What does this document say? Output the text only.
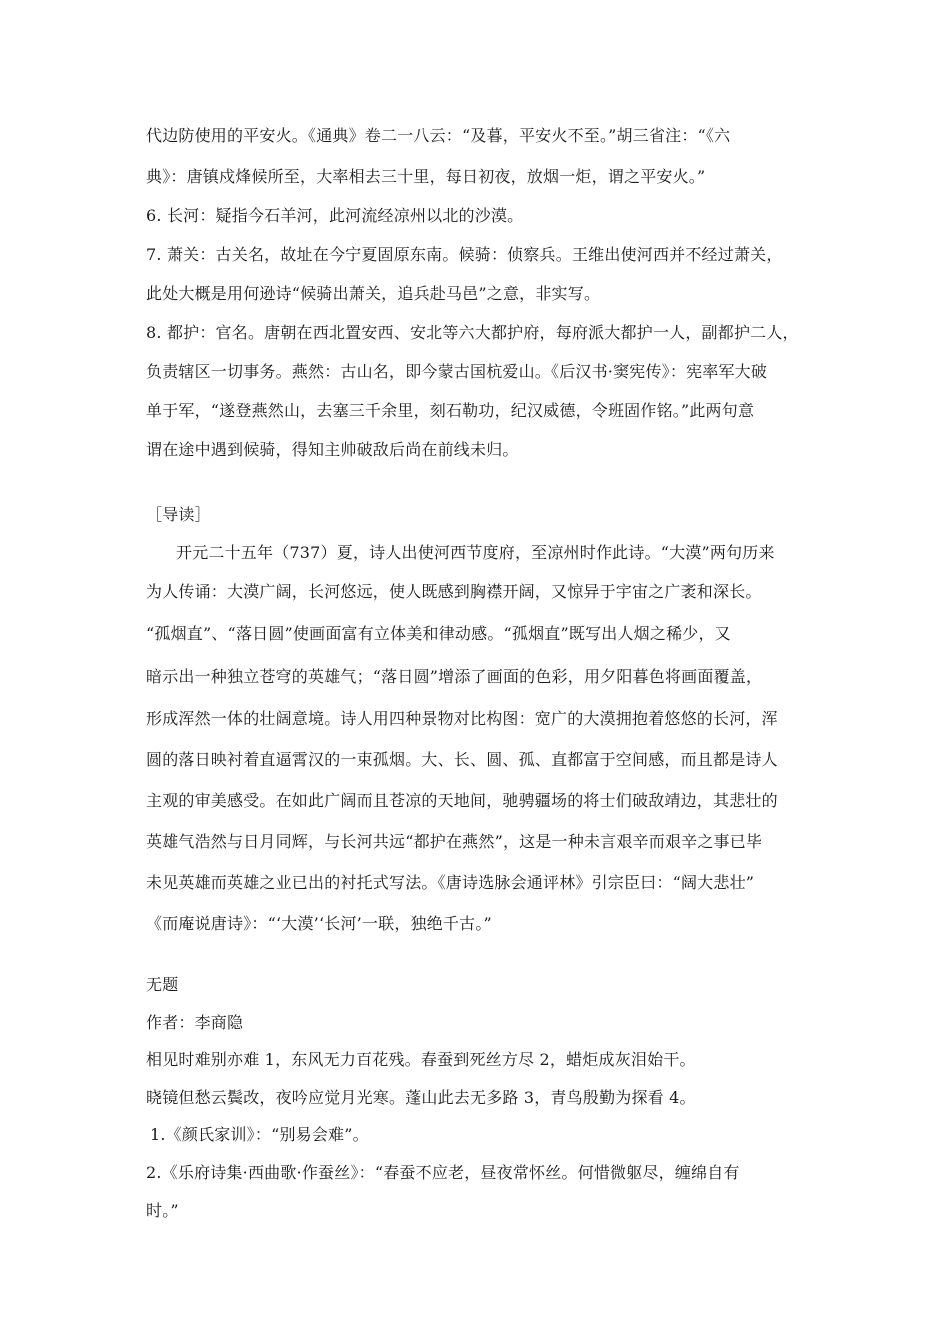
代边防使用的平安火。《通典》卷二一八云：“及暮，平安火不至。”胡三省注：“《六
典》：唐镇戍烽候所至，大率相去三十里，每日初夜，放烟一炬，谓之平安火。”
6. 长河：疑指今石羊河，此河流经凉州以北的沙漠。
7. 萧关：古关名，故址在今宁夏固原东南。候骑：侦察兵。王维出使河西并不经过萧关，
此处大概是用何逊诗“候骑出萧关，追兵赴马邑”之意，非实写。
8. 都护：官名。唐朝在西北置安西、安北等六大都护府，每府派大都护一人，副都护二人，
负责辖区一切事务。燕然：古山名，即今蒙古国杭爱山。《后汉书·窦宪传》：宪率军大破
单于军，“遂登燕然山，去塞三千余里，刻石勒功，纪汉威德，令班固作铭。”此两句意
谓在途中遇到候骑，得知主帅破敌后尚在前线未归。
［导读］
开元二十五年（737）夏，诗人出使河西节度府，至凉州时作此诗。“大漠”两句历来
为人传诵：大漠广阔，长河悠远，使人既感到胸襟开阔，又惊异于宇宙之广袤和深长。
“孤烟直”、“落日圆”使画面富有立体美和律动感。“孤烟直”既写出人烟之稀少，又
暗示出一种独立苍穹的英雄气；“落日圆”增添了画面的色彩，用夕阳暮色将画面覆盖，
形成浑然一体的壮阔意境。诗人用四种景物对比构图：宽广的大漠拥抱着悠悠的长河，浑
圆的落日映衬着直逼霄汉的一束孤烟。大、长、圆、孤、直都富于空间感，而且都是诗人
主观的审美感受。在如此广阔而且苍凉的天地间，驰骋疆场的将士们破敌靖边，其悲壮的
英雄气浩然与日月同辉，与长河共远“都护在燕然”，这是一种未言艰辛而艰辛之事已毕
未见英雄而英雄之业已出的衬托式写法。《唐诗选脉会通评林》引宗臣曰：“阔大悲壮”
《而庵说唐诗》：“‘大漠’‘长河’一联，独绝千古。”
无题
作者：李商隐
相见时难别亦难 1，东风无力百花残。春蚕到死丝方尽 2，蜡炬成灰泪始干。
晓镜但愁云鬓改，夜吟应觉月光寒。蓬山此去无多路 3，青鸟殷勤为探看 4。
1.《颜氏家训》：“别易会难”。
2.《乐府诗集·西曲歌·作蚕丝》：“春蚕不应老，昼夜常怀丝。何惜微躯尽，缠绵自有
时。”
